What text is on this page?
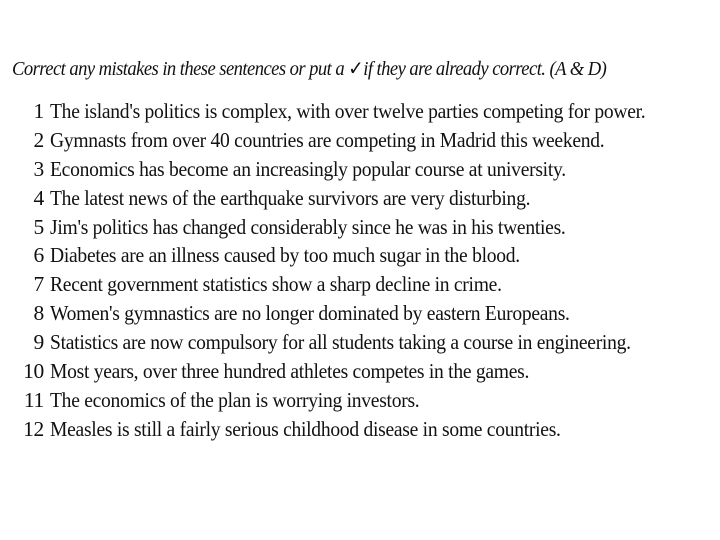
Correct any mistakes in these sentences or put a ✓if they are already correct. (A & D)
1 The island's politics is complex, with over twelve parties competing for power.
2 Gymnasts from over 40 countries are competing in Madrid this weekend.
3 Economics has become an increasingly popular course at university.
4 The latest news of the earthquake survivors are very disturbing.
5 Jim's politics has changed considerably since he was in his twenties.
6 Diabetes are an illness caused by too much sugar in the blood.
7 Recent government statistics show a sharp decline in crime.
8 Women's gymnastics are no longer dominated by eastern Europeans.
9 Statistics are now compulsory for all students taking a course in engineering.
10 Most years, over three hundred athletes competes in the games.
11 The economics of the plan is worrying investors.
12 Measles is still a fairly serious childhood disease in some countries.
